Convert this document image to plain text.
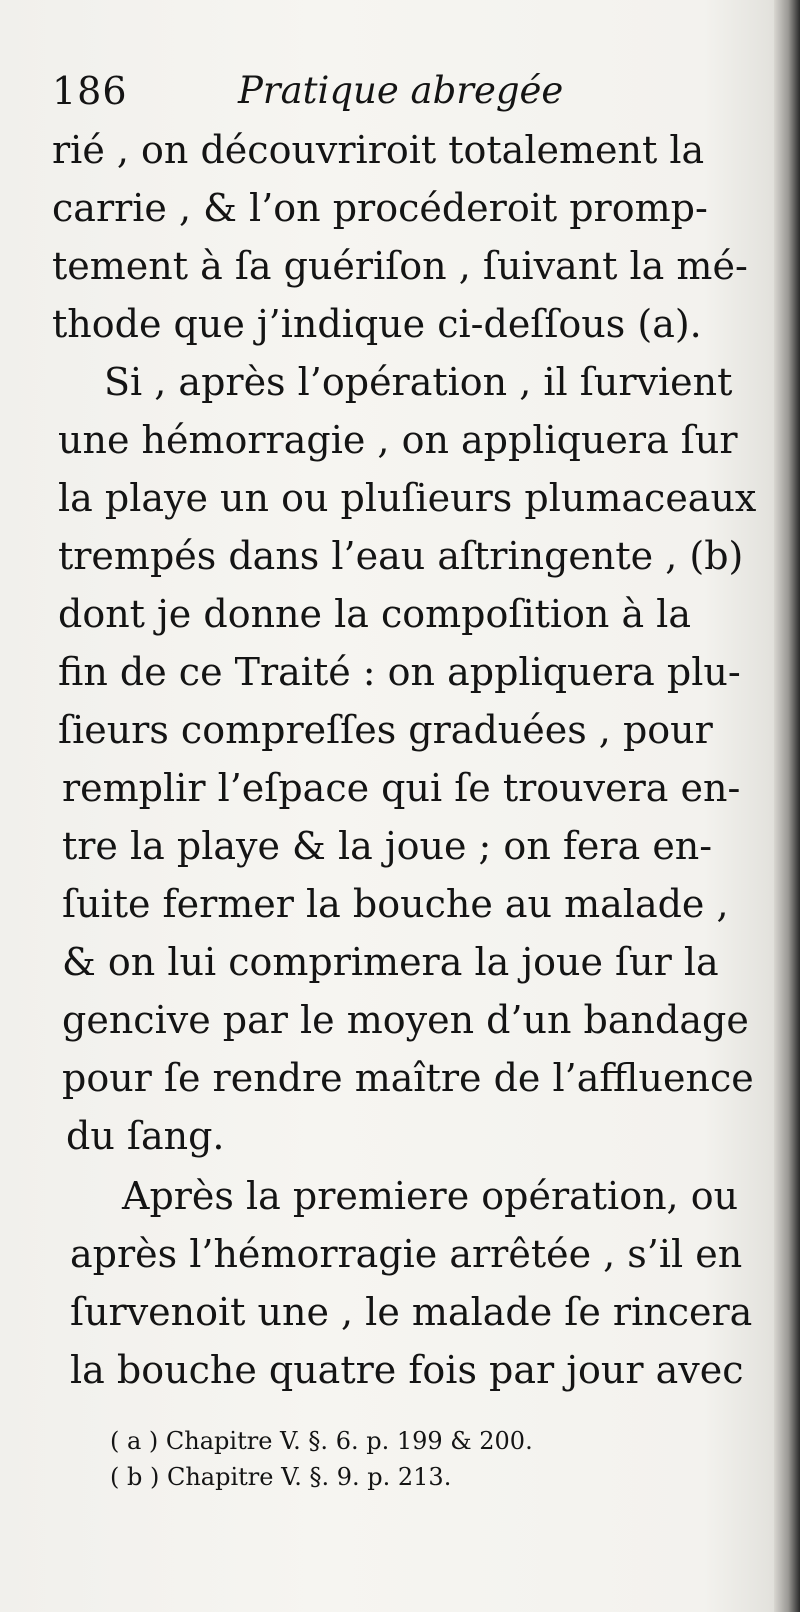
186	Pratique abregée
rié , on découvriroit totalement la
carrie , & l’on procéderoit promp-
tement à ſa guériſon , ſuivant la mé-
thode que j’indique ci-deſſous (a).
Si , après l’opération , il ſurvient
une hémorragie , on appliquera ſur
la playe un ou pluſieurs plumaceaux
trempés dans l’eau aſtringente , (b)
dont je donne la compoſition à la
fin de ce Traité : on appliquera plu-
ſieurs compreſſes graduées , pour
remplir l’eſpace qui ſe trouvera en-
tre la playe & la joue ; on fera en-
ſuite fermer la bouche au malade ,
& on lui comprimera la joue ſur la
gencive par le moyen d’un bandage
pour ſe rendre maître de l’affluence
du ſang.
Après la premiere opération, ou
après l’hémorragie arrêtée , s’il en
ſurvenoit une , le malade ſe rincera
la bouche quatre fois par jour avec
( a ) Chapitre V. §. 6. p. 199 & 200.
( b ) Chapitre V. §. 9. p. 213.
